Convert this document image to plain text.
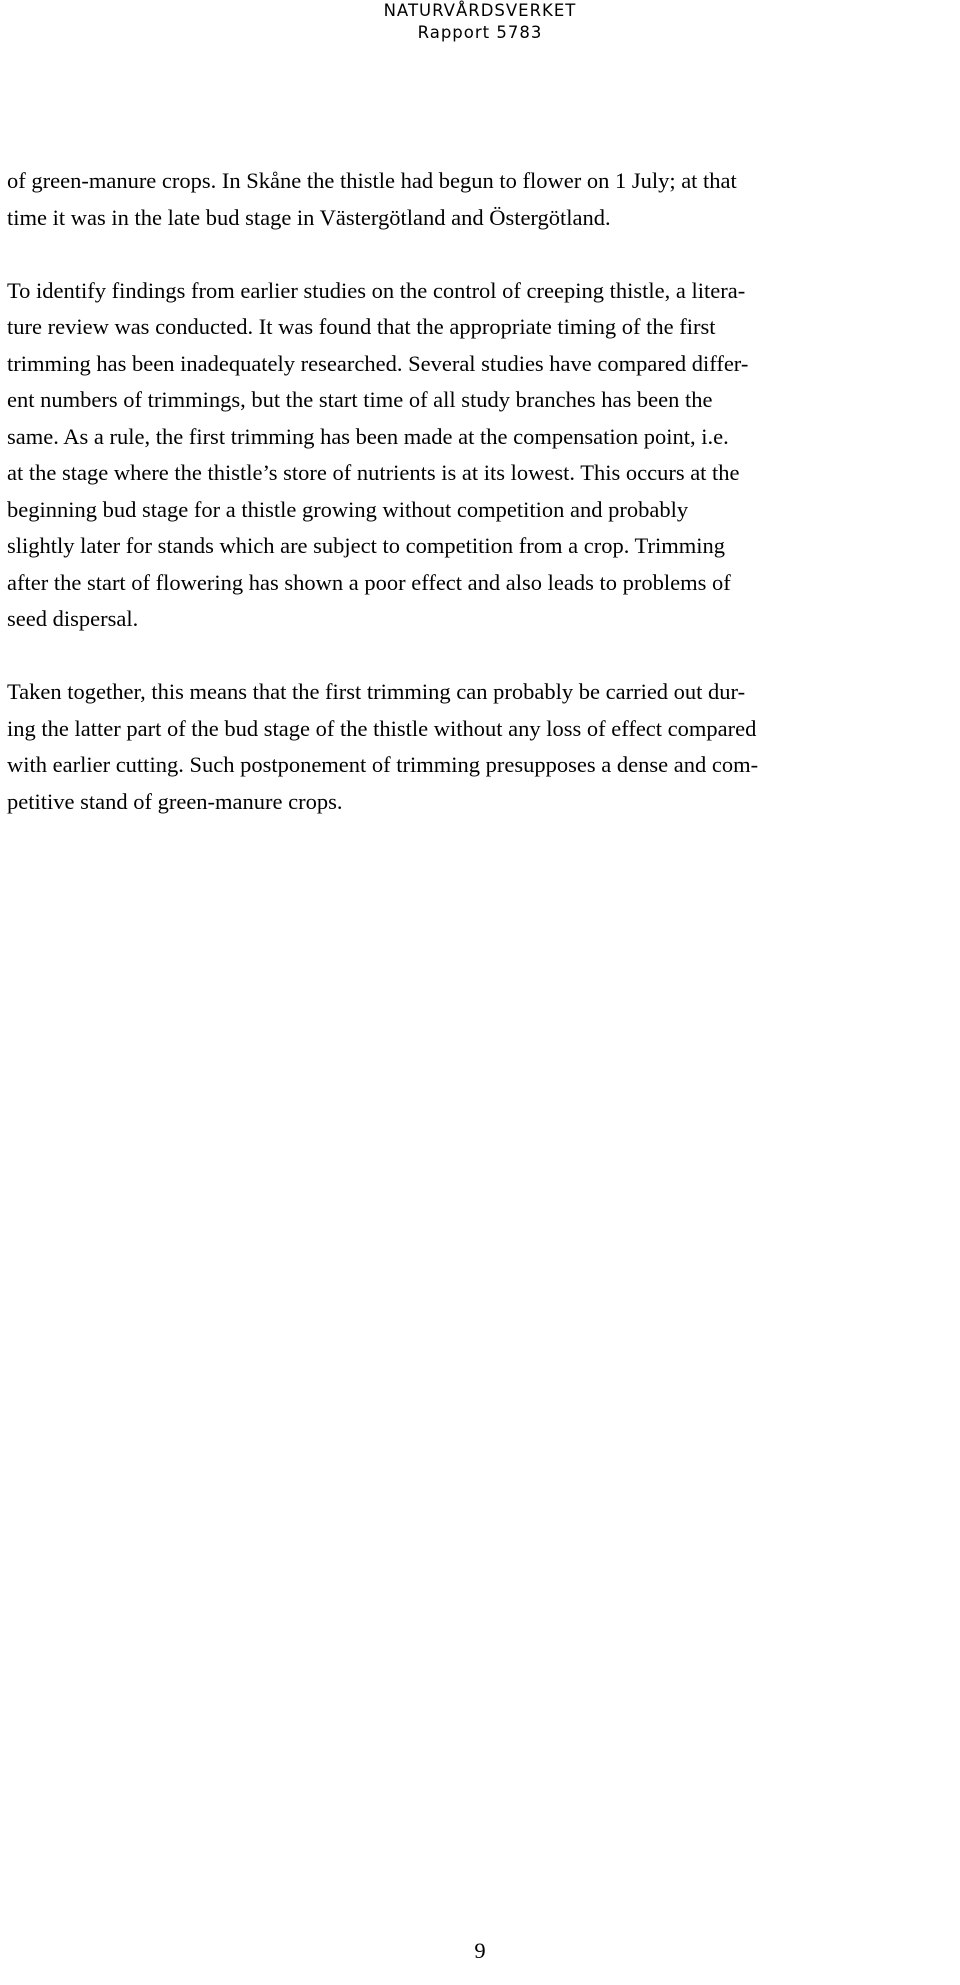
NATURVÅRDSVERKET
Rapport 5783

of green-manure crops. In Skåne the thistle had begun to flower on 1 July; at that
time it was in the late bud stage in Västergötland and Östergötland.

To identify findings from earlier studies on the control of creeping thistle, a litera-
ture review was conducted. It was found that the appropriate timing of the first
trimming has been inadequately researched. Several studies have compared differ-
ent numbers of trimmings, but the start time of all study branches has been the
same. As a rule, the first trimming has been made at the compensation point, i.e.
at the stage where the thistle’s store of nutrients is at its lowest. This occurs at the
beginning bud stage for a thistle growing without competition and probably
slightly later for stands which are subject to competition from a crop. Trimming
after the start of flowering has shown a poor effect and also leads to problems of
seed dispersal.

Taken together, this means that the first trimming can probably be carried out dur-
ing the latter part of the bud stage of the thistle without any loss of effect compared
with earlier cutting. Such postponement of trimming presupposes a dense and com-
petitive stand of green-manure crops.

9
